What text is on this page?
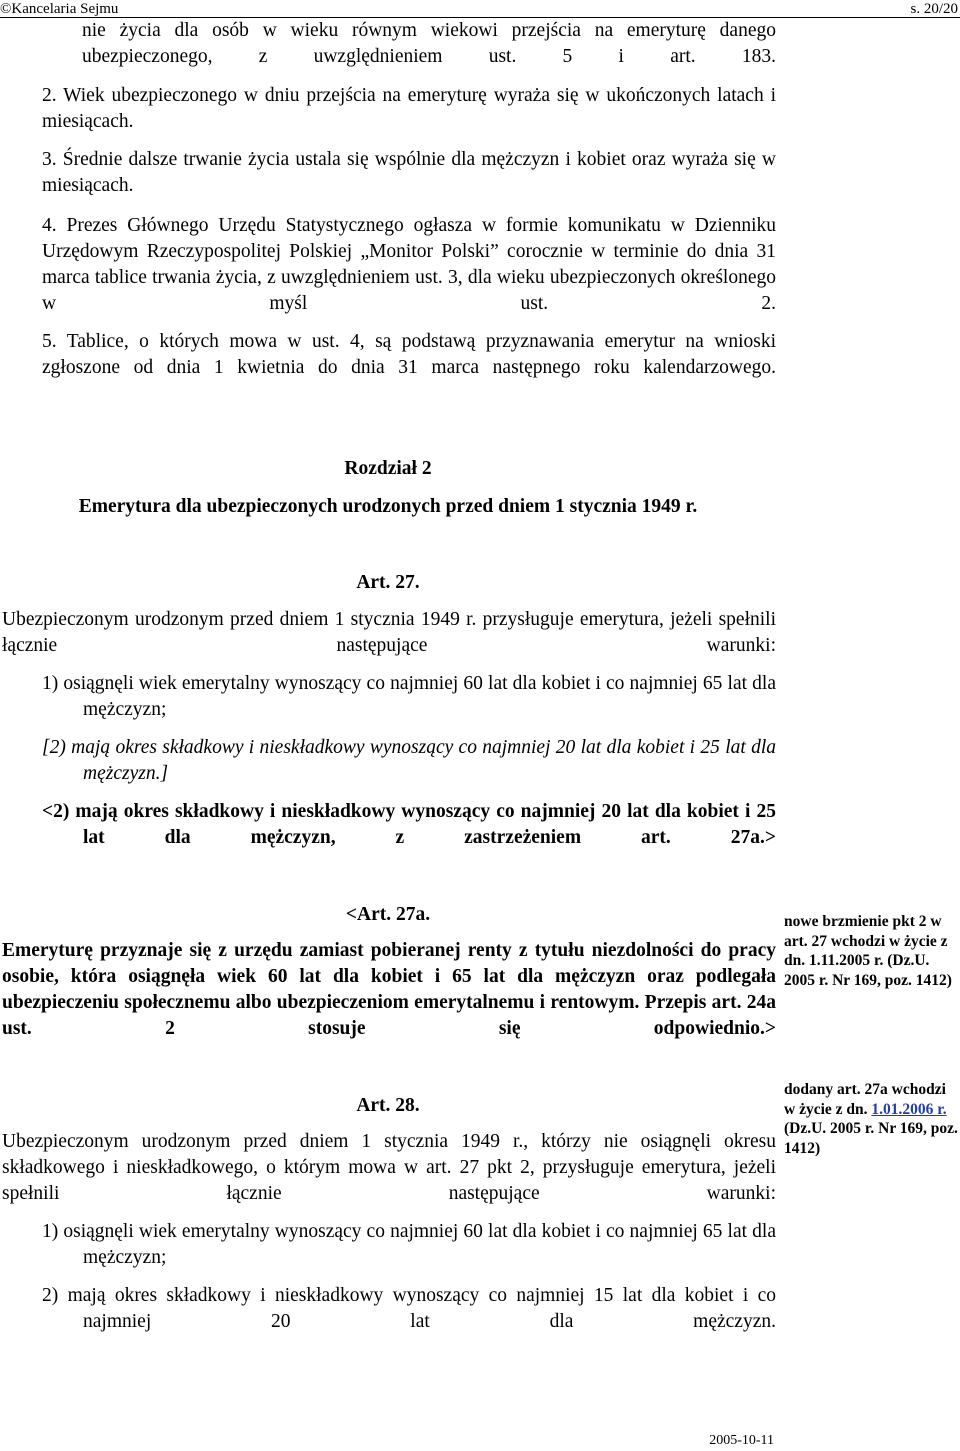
©Kancelaria Sejmu	s. 20/20
nie życia dla osób w wieku równym wiekowi przejścia na emeryturę danego ubezpieczonego, z uwzględnieniem ust. 5 i art. 183.
2. Wiek ubezpieczonego w dniu przejścia na emeryturę wyraża się w ukończonych latach i miesiącach.
3. Średnie dalsze trwanie życia ustala się wspólnie dla mężczyzn i kobiet oraz wyraża się w miesiącach.
4. Prezes Głównego Urzędu Statystycznego ogłasza w formie komunikatu w Dzienniku Urzędowym Rzeczypospolitej Polskiej „Monitor Polski” corocznie w terminie do dnia 31 marca tablice trwania życia, z uwzględnieniem ust. 3, dla wieku ubezpieczonych określonego w myśl ust. 2.
5. Tablice, o których mowa w ust. 4, są podstawą przyznawania emerytur na wnioski zgłoszone od dnia 1 kwietnia do dnia 31 marca następnego roku kalendarzowego.
Rozdział 2
Emerytura dla ubezpieczonych urodzonych przed dniem 1 stycznia 1949 r.
Art. 27.
Ubezpieczonym urodzonym przed dniem 1 stycznia 1949 r. przysługuje emerytura, jeżeli spełnili łącznie następujące warunki:
1) osiągnęli wiek emerytalny wynoszący co najmniej 60 lat dla kobiet i co najmniej 65 lat dla mężczyzn;
[2) mają okres składkowy i nieskładkowy wynoszący co najmniej 20 lat dla kobiet i 25 lat dla mężczyzn.]
<2) mają okres składkowy i nieskładkowy wynoszący co najmniej 20 lat dla kobiet i 25 lat dla mężczyzn, z zastrzeżeniem art. 27a.>
<Art. 27a.
Emeryturę przyznaje się z urzędu zamiast pobieranej renty z tytułu niezdolności do pracy osobie, która osiągnęła wiek 60 lat dla kobiet i 65 lat dla mężczyzn oraz podlegała ubezpieczeniu społecznemu albo ubezpieczeniom emerytalnemu i rentowym. Przepis art. 24a ust. 2 stosuje się odpowiednio.>
nowe brzmienie pkt 2 w art. 27 wchodzi w życie z dn. 1.11.2005 r. (Dz.U. 2005 r. Nr 169, poz. 1412)
dodany art. 27a wchodzi w życie z dn. 1.01.2006 r. (Dz.U. 2005 r. Nr 169, poz. 1412)
Art. 28.
Ubezpieczonym urodzonym przed dniem 1 stycznia 1949 r., którzy nie osiągnęli okresu składkowego i nieskładkowego, o którym mowa w art. 27 pkt 2, przysługuje emerytura, jeżeli spełnili łącznie następujące warunki:
1) osiągnęli wiek emerytalny wynoszący co najmniej 60 lat dla kobiet i co najmniej 65 lat dla mężczyzn;
2) mają okres składkowy i nieskładkowy wynoszący co najmniej 15 lat dla kobiet i co najmniej 20 lat dla mężczyzn.
2005-10-11
